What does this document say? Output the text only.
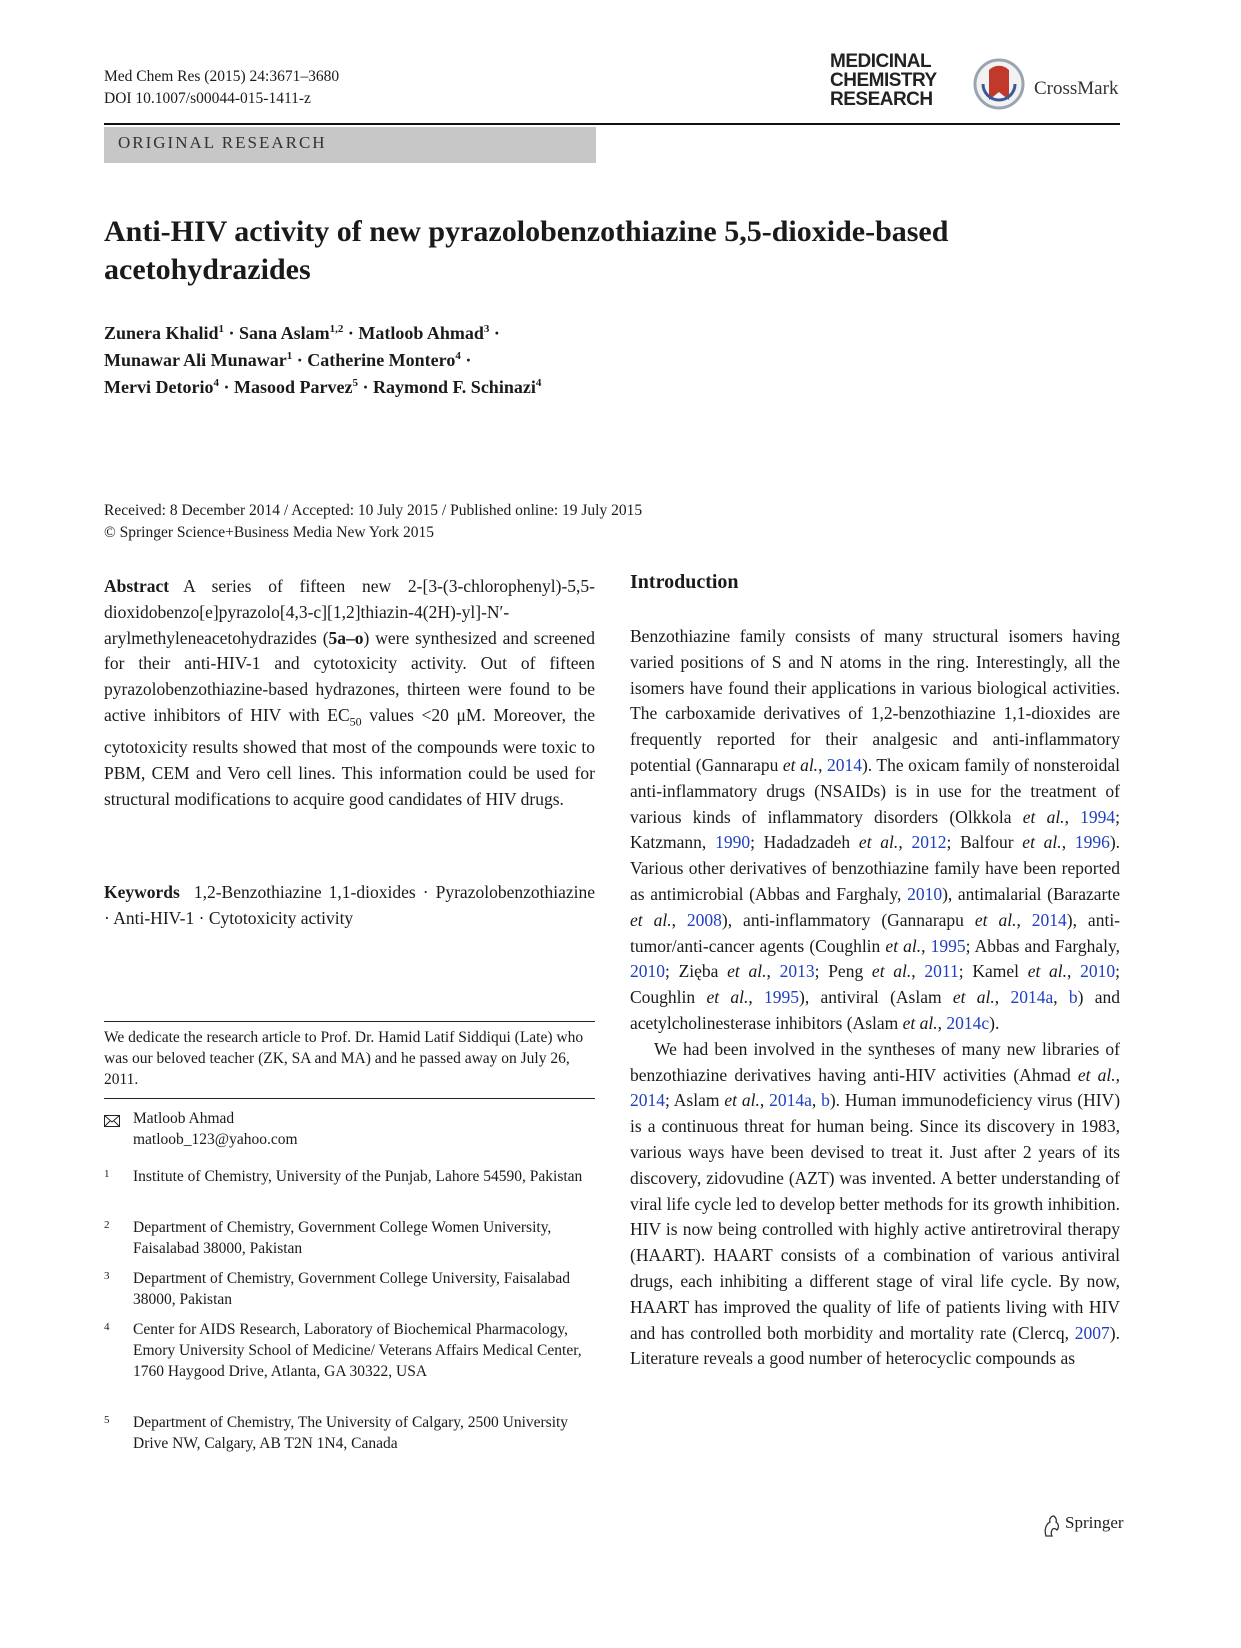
Med Chem Res (2015) 24:3671–3680
DOI 10.1007/s00044-015-1411-z
MEDICINAL
CHEMISTRY
RESEARCH
CrossMark
ORIGINAL RESEARCH
Anti-HIV activity of new pyrazolobenzothiazine 5,5-dioxide-based
acetohydrazides
Zunera Khalid$^1$ · Sana Aslam$^{1,2}$ · Matloob Ahmad$^3$ ·
Munawar Ali Munawar$^1$ · Catherine Montero$^4$ ·
Mervi Detorio$^4$ · Masood Parvez$^5$ · Raymond F. Schinazi$^4$
Received: 8 December 2014 / Accepted: 10 July 2015 / Published online: 19 July 2015
© Springer Science+Business Media New York 2015
Abstract A series of fifteen new 2-[3-(3-chlorophenyl)-5,5-dioxidobenzo[e]pyrazolo[4,3-c][1,2]thiazin-4(2H)-yl]-N′-arylmethyleneacetohydrazides (5a–o) were synthesized and screened for their anti-HIV-1 and cytotoxicity activity. Out of fifteen pyrazolobenzothiazine-based hydrazones, thirteen were found to be active inhibitors of HIV with $EC_{50}$ values <20 μM. Moreover, the cytotoxicity results showed that most of the compounds were toxic to PBM, CEM and Vero cell lines. This information could be used for structural modifications to acquire good candidates of HIV drugs.
Keywords 1,2-Benzothiazine 1,1-dioxides · Pyrazolobenzothiazine · Anti-HIV-1 · Cytotoxicity activity
We dedicate the research article to Prof. Dr. Hamid Latif Siddiqui (Late) who was our beloved teacher (ZK, SA and MA) and he passed away on July 26, 2011.
Matloob Ahmad
matloob_123@yahoo.com
1 Institute of Chemistry, University of the Punjab, Lahore 54590, Pakistan
2 Department of Chemistry, Government College Women University, Faisalabad 38000, Pakistan
3 Department of Chemistry, Government College University, Faisalabad 38000, Pakistan
4 Center for AIDS Research, Laboratory of Biochemical Pharmacology, Emory University School of Medicine/ Veterans Affairs Medical Center, 1760 Haygood Drive, Atlanta, GA 30322, USA
5 Department of Chemistry, The University of Calgary, 2500 University Drive NW, Calgary, AB T2N 1N4, Canada
Introduction

Benzothiazine family consists of many structural isomers having varied positions of S and N atoms in the ring. Interestingly, all the isomers have found their applications in various biological activities. The carboxamide derivatives of 1,2-benzothiazine 1,1-dioxides are frequently reported for their analgesic and anti-inflammatory potential (Gannarapu et al., 2014). The oxicam family of nonsteroidal anti-inflammatory drugs (NSAIDs) is in use for the treatment of various kinds of inflammatory disorders (Olkkola et al., 1994; Katzmann, 1990; Hadadzadeh et al., 2012; Balfour et al., 1996). Various other derivatives of benzothiazine family have been reported as antimicrobial (Abbas and Farghaly, 2010), antimalarial (Barazarte et al., 2008), anti-inflammatory (Gannarapu et al., 2014), anti-tumor/anti-cancer agents (Coughlin et al., 1995; Abbas and Farghaly, 2010; Zięba et al., 2013; Peng et al., 2011; Kamel et al., 2010; Coughlin et al., 1995), antiviral (Aslam et al., 2014a, b) and acetylcholinesterase inhibitors (Aslam et al., 2014c).

We had been involved in the syntheses of many new libraries of benzothiazine derivatives having anti-HIV activities (Ahmad et al., 2014; Aslam et al., 2014a, b). Human immunodeficiency virus (HIV) is a continuous threat for human being. Since its discovery in 1983, various ways have been devised to treat it. Just after 2 years of its discovery, zidovudine (AZT) was invented. A better understanding of viral life cycle led to develop better methods for its growth inhibition. HIV is now being controlled with highly active antiretroviral therapy (HAART). HAART consists of a combination of various antiviral drugs, each inhibiting a different stage of viral life cycle. By now, HAART has improved the quality of life of patients living with HIV and has controlled both morbidity and mortality rate (Clercq, 2007). Literature reveals a good number of heterocyclic compounds as

Springer
